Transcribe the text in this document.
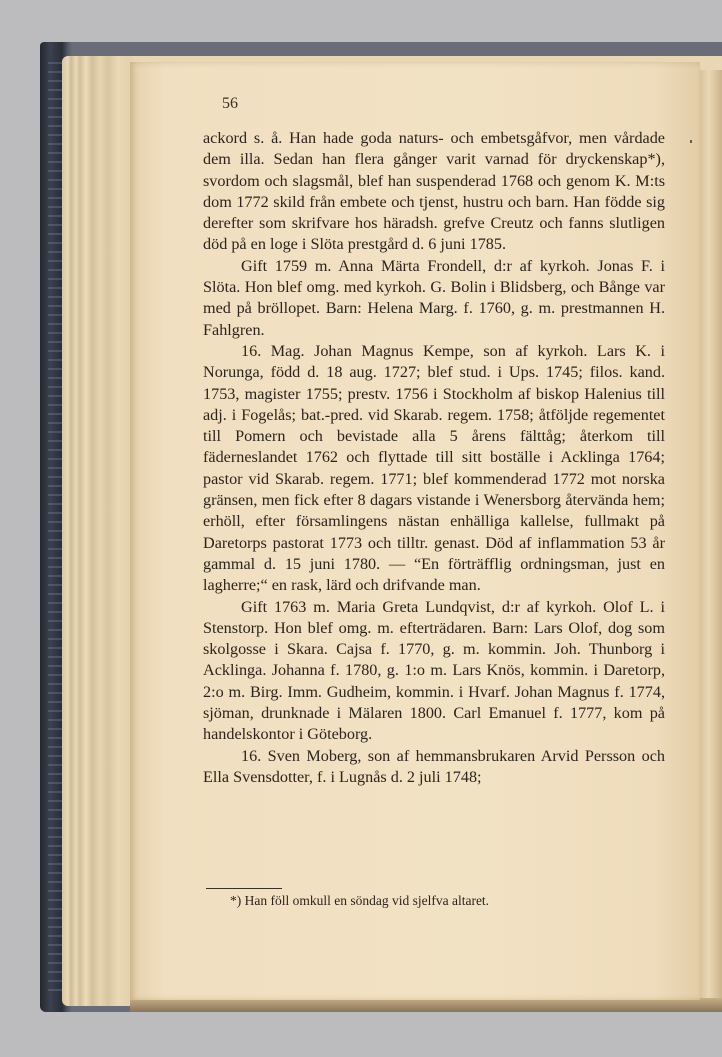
56

ackord s. å. Han hade goda naturs- och embetsgåfvor, men vårdade dem illa. Sedan han flera gånger varit varnad för dryckenskap*), svordom och slagsmål, blef han suspenderad 1768 och genom K. M:ts dom 1772 skild från embete och tjenst, hustru och barn. Han födde sig derefter som skrifvare hos häradsh. grefve Creutz och fanns slutligen död på en loge i Slöta prestgård d. 6 juni 1785.

Gift 1759 m. Anna Märta Frondell, d:r af kyrkoh. Jonas F. i Slöta. Hon blef omg. med kyrkoh. G. Bolin i Blidsberg, och Bånge var med på bröllopet. Barn: Helena Marg. f. 1760, g. m. prestmannen H. Fahlgren.

16. Mag. Johan Magnus Kempe, son af kyrkoh. Lars K. i Norunga, född d. 18 aug. 1727; blef stud. i Ups. 1745; filos. kand. 1753, magister 1755; prestv. 1756 i Stockholm af biskop Halenius till adj. i Fogelås; bat.-pred. vid Skarab. regem. 1758; åtföljde regementet till Pomern och bevistade alla 5 årens fälttåg; återkom till fäderneslandet 1762 och flyttade till sitt boställe i Acklinga 1764; pastor vid Skarab. regem. 1771; blef kommenderad 1772 mot norska gränsen, men fick efter 8 dagars vistande i Wenersborg återvända hem; erhöll, efter församlingens nästan enhälliga kallelse, fullmakt på Daretorps pastorat 1773 och tilltr. genast. Död af inflammation 53 år gammal d. 15 juni 1780. — “En förträfflig ordningsman, just en lagherre;“ en rask, lärd och drifvande man.

Gift 1763 m. Maria Greta Lundqvist, d:r af kyrkoh. Olof L. i Stenstorp. Hon blef omg. m. efterträdaren. Barn: Lars Olof, dog som skolgosse i Skara. Cajsa f. 1770, g. m. kommin. Joh. Thunborg i Acklinga. Johanna f. 1780, g. 1:o m. Lars Knös, kommin. i Daretorp, 2:o m. Birg. Imm. Gudheim, kommin. i Hvarf. Johan Magnus f. 1774, sjöman, drunknade i Mälaren 1800. Carl Emanuel f. 1777, kom på handelskontor i Göteborg.

16. Sven Moberg, son af hemmansbrukaren Arvid Persson och Ella Svensdotter, f. i Lugnås d. 2 juli 1748;

*) Han föll omkull en söndag vid sjelfva altaret.
